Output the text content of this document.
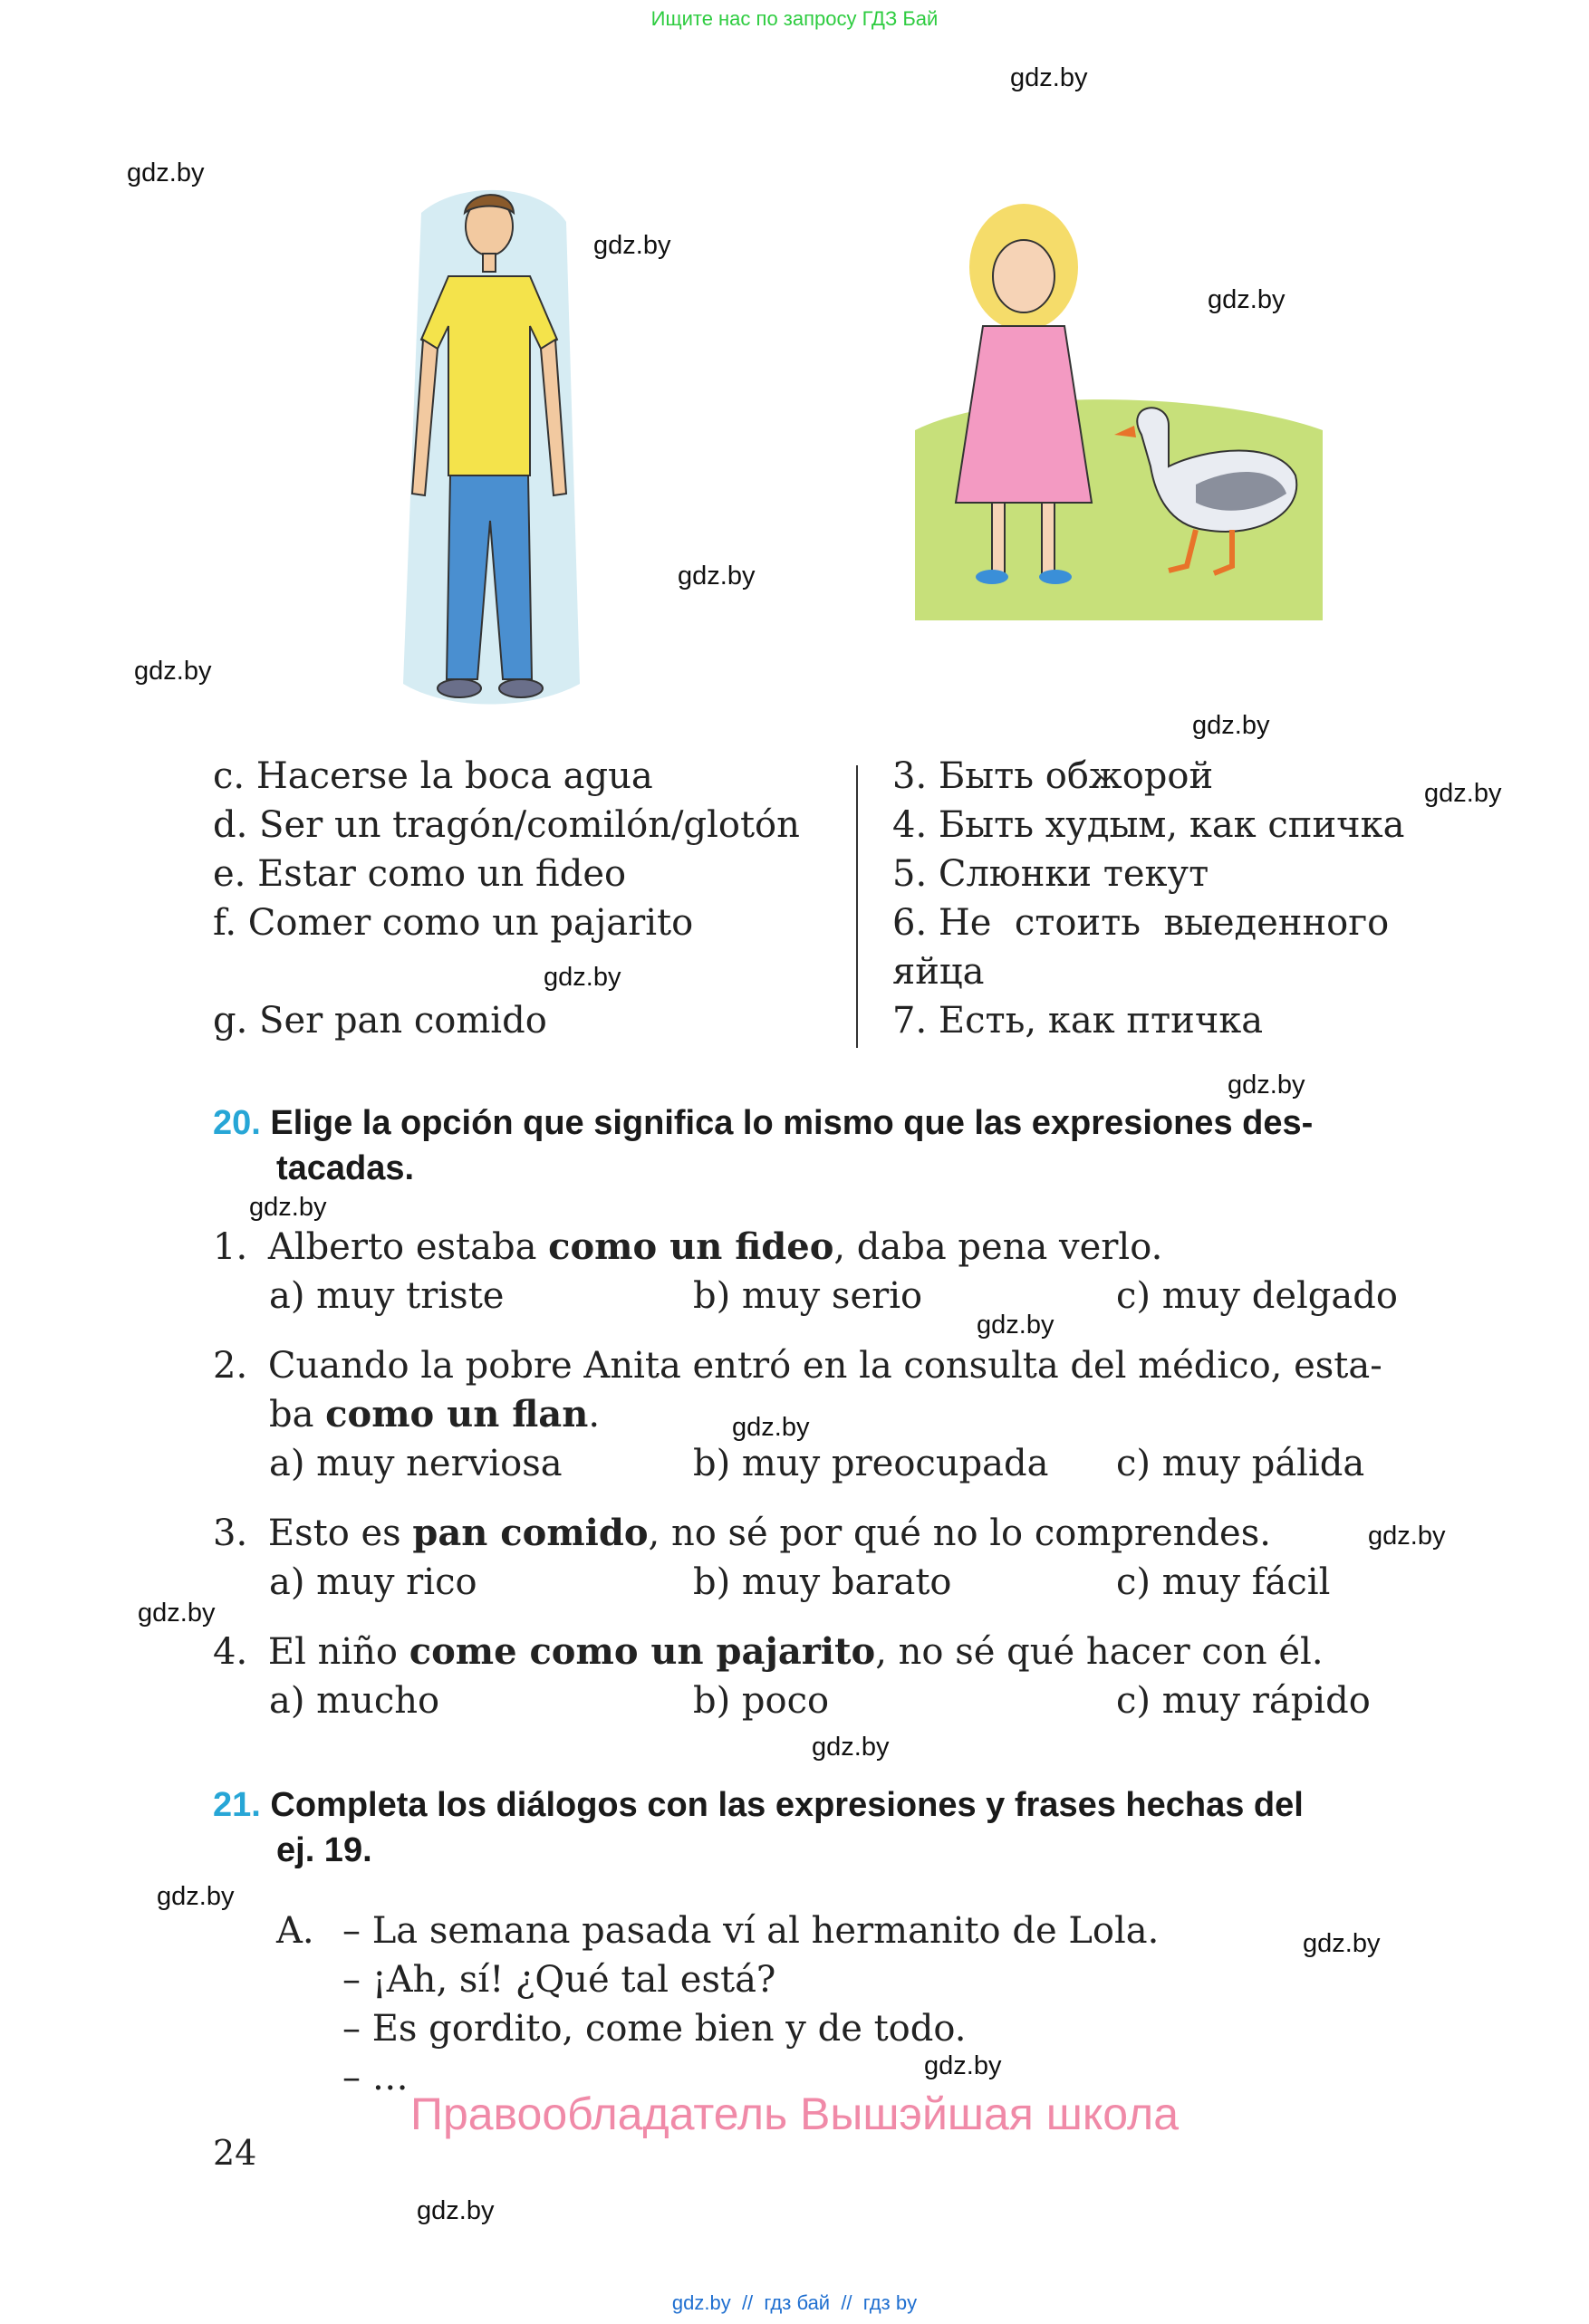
Ищите нас по запросу ГДЗ Бай
gdz.by
gdz.by
gdz.by
gdz.by
gdz.by
gdz.by
gdz.by
gdz.by
gdz.by
gdz.by
gdz.by
gdz.by
gdz.by
gdz.by
gdz.by
gdz.by
gdz.by
gdz.by
gdz.by
gdz.by
c. Hacerse la boca agua
d. Ser un tragón/comilón/glotón
e. Estar como un fideo
f. Comer como un pajarito
g. Ser pan comido
3. Быть обжорой
4. Быть худым, как спичка
5. Слюнки текут
6. Не  стоить  выеденного
яйца
7. Есть, как птичка
20. Elige la opción que significa lo mismo que las expresiones des-
tacadas.
1. Alberto estaba como un fideo, daba pena verlo.
a) muy triste	b) muy serio	c) muy delgado
2. Cuando la pobre Anita entró en la consulta del médico, esta-
ba como un flan.
a) muy nerviosa	b) muy preocupada c) muy pálida
3. Esto es pan comido, no sé por qué no lo comprendes.
a) muy rico	b) muy barato	c) muy fácil
4. El niño come como un pajarito, no sé qué hacer con él.
a) mucho	b) poco	c) muy rápido
21. Completa los diálogos con las expresiones y frases hechas del
ej. 19.
A. – La semana pasada ví al hermanito de Lola.
– ¡Ah, sí! ¿Qué tal está?
– Es gordito, come bien y de todo.
– …
Правообладатель Вышэйшая школа
24
gdz.by  //  гдз бай  //  гдз by
